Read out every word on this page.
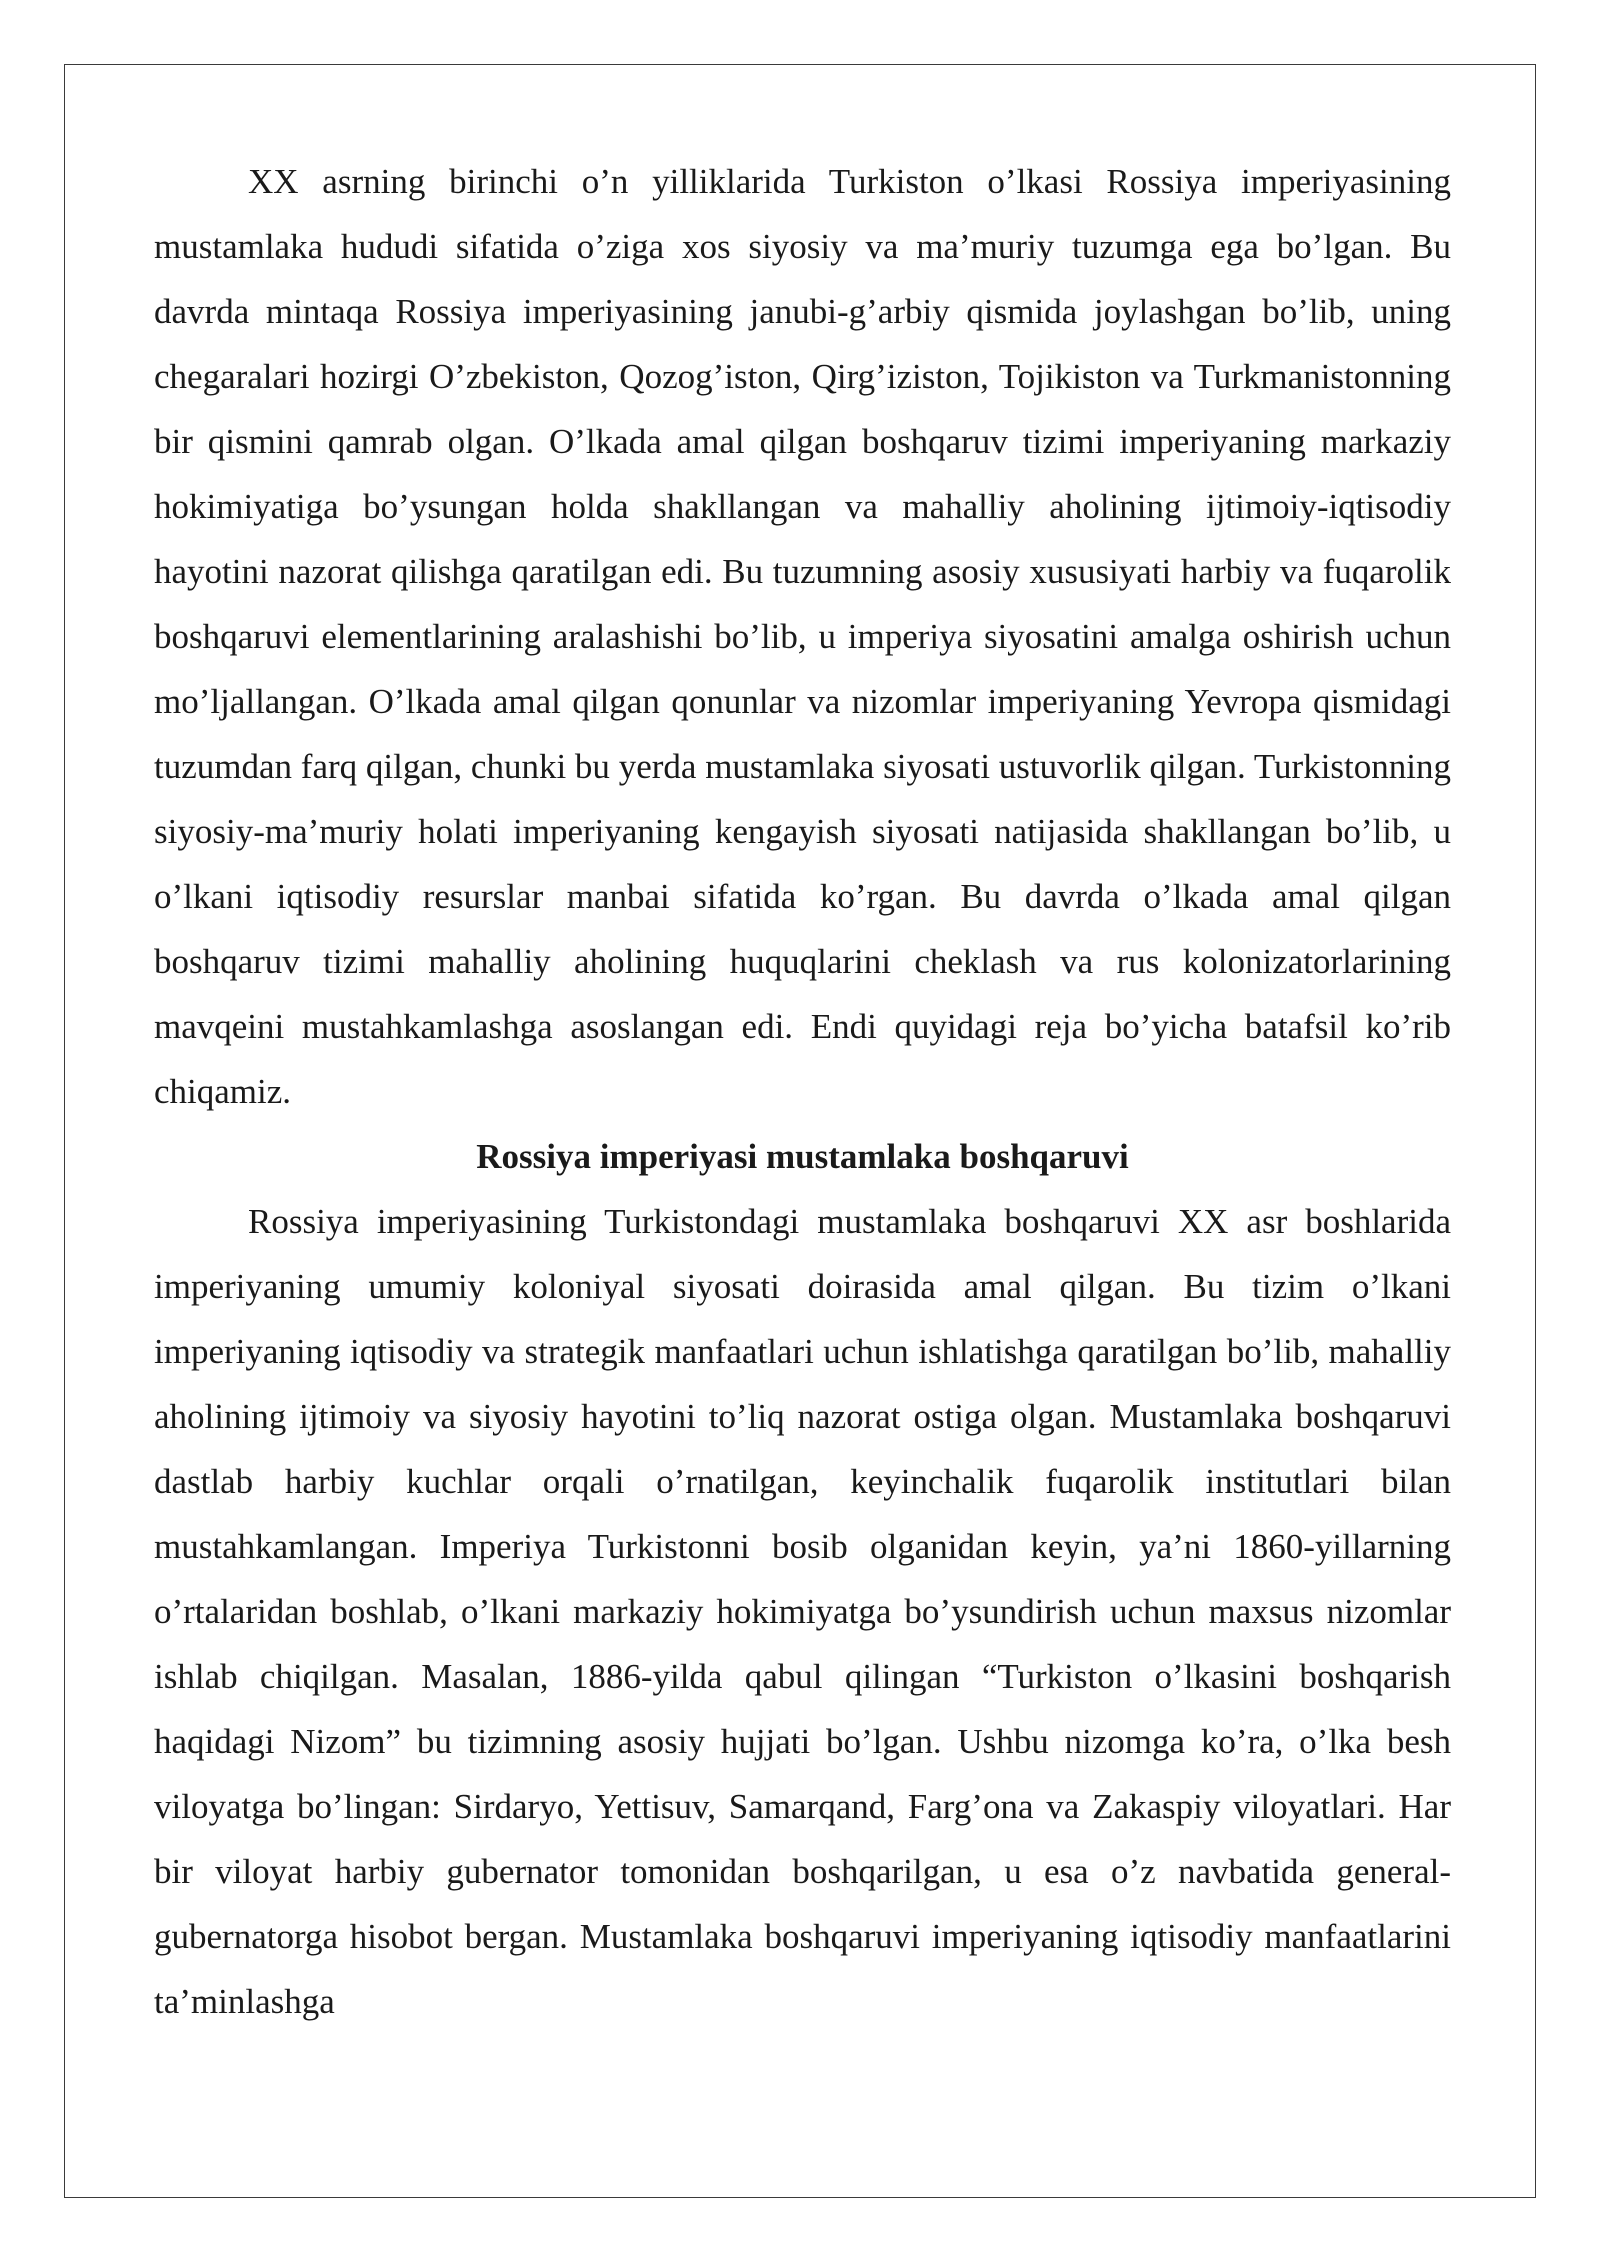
XX asrning birinchi o’n yilliklarida Turkiston o’lkasi Rossiya imperiyasining mustamlaka hududi sifatida o’ziga xos siyosiy va ma’muriy tuzumga ega bo’lgan. Bu davrda mintaqa Rossiya imperiyasining janubi-g’arbiy qismida joylashgan bo’lib, uning chegaralari hozirgi O’zbekiston, Qozog’iston, Qirg’iziston, Tojikiston va Turkmanistonning bir qismini qamrab olgan. O’lkada amal qilgan boshqaruv tizimi imperiyaning markaziy hokimiyatiga bo’ysungan holda shakllangan va mahalliy aholining ijtimoiy-iqtisodiy hayotini nazorat qilishga qaratilgan edi. Bu tuzumning asosiy xususiyati harbiy va fuqarolik boshqaruvi elementlarining aralashishi bo’lib, u imperiya siyosatini amalga oshirish uchun mo’ljallangan. O’lkada amal qilgan qonunlar va nizomlar imperiyaning Yevropa qismidagi tuzumdan farq qilgan, chunki bu yerda mustamlaka siyosati ustuvorlik qilgan. Turkistonning siyosiy-ma’muriy holati imperiyaning kengayish siyosati natijasida shakllangan bo’lib, u o’lkani iqtisodiy resurslar manbai sifatida ko’rgan. Bu davrda o’lkada amal qilgan boshqaruv tizimi mahalliy aholining huquqlarini cheklash va rus kolonizatorlarining mavqeini mustahkamlashga asoslangan edi. Endi quyidagi reja bo’yicha batafsil ko’rib chiqamiz.

Rossiya imperiyasi mustamlaka boshqaruvi

Rossiya imperiyasining Turkistondagi mustamlaka boshqaruvi XX asr boshlarida imperiyaning umumiy koloniyal siyosati doirasida amal qilgan. Bu tizim o’lkani imperiyaning iqtisodiy va strategik manfaatlari uchun ishlatishga qaratilgan bo’lib, mahalliy aholining ijtimoiy va siyosiy hayotini to’liq nazorat ostiga olgan. Mustamlaka boshqaruvi dastlab harbiy kuchlar orqali o’rnatilgan, keyinchalik fuqarolik institutlari bilan mustahkamlangan. Imperiya Turkistonni bosib olganidan keyin, ya’ni 1860-yillarning o’rtalaridan boshlab, o’lkani markaziy hokimiyatga bo’ysundirish uchun maxsus nizomlar ishlab chiqilgan. Masalan, 1886-yilda qabul qilingan “Turkiston o’lkasini boshqarish haqidagi Nizom” bu tizimning asosiy hujjati bo’lgan. Ushbu nizomga ko’ra, o’lka besh viloyatga bo’lingan: Sirdaryo, Yettisuv, Samarqand, Farg’ona va Zakaspiy viloyatlari. Har bir viloyat harbiy gubernator tomonidan boshqarilgan, u esa o’z navbatida general-gubernatorga hisobot bergan. Mustamlaka boshqaruvi imperiyaning iqtisodiy manfaatlarini ta’minlashga
